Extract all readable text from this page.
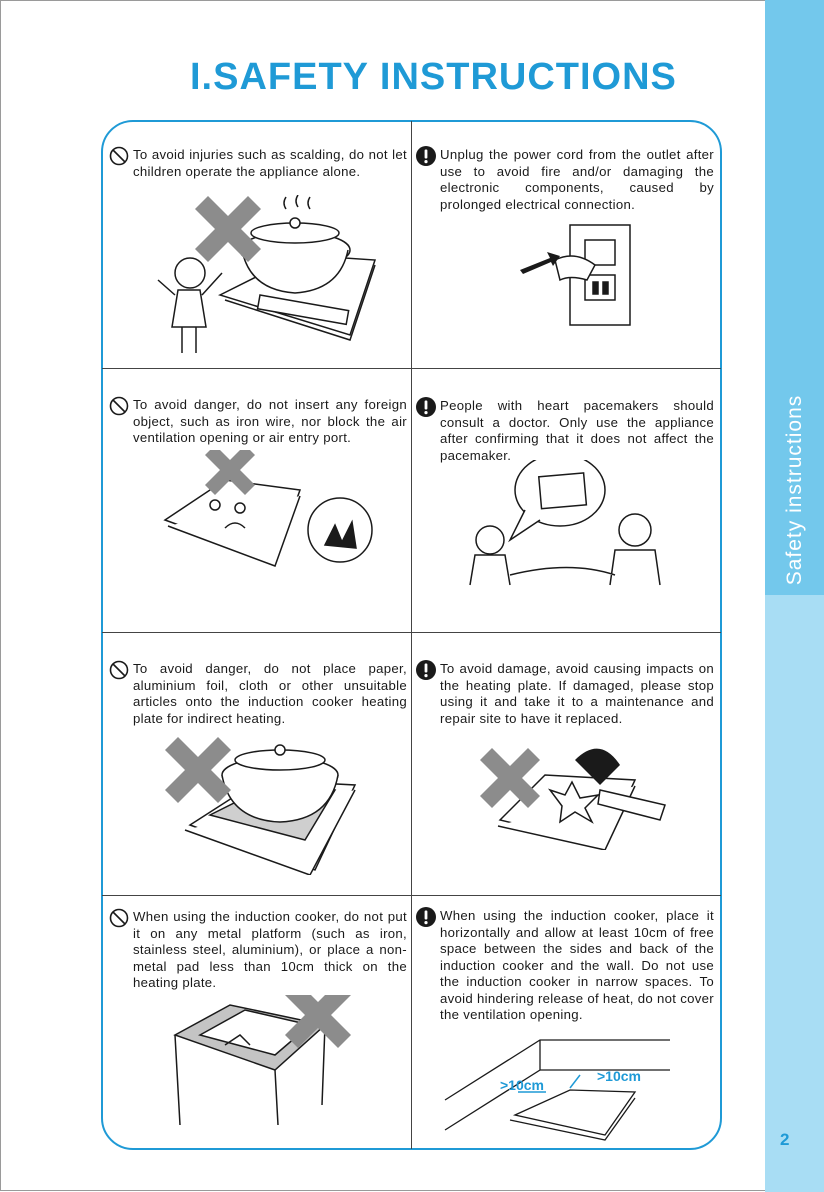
Safety instructions
2
I.SAFETY INSTRUCTIONS
To avoid injuries such as scalding, do not let children operate the appliance alone.
Unplug the power cord from the outlet after use to avoid fire and/or damaging the electronic components, caused by prolonged electrical connection.
To avoid danger, do not insert any foreign object, such as iron wire, nor block the air ventilation opening or air entry port.
People with heart pacemakers should consult a doctor. Only use the appliance after confirming that it does not affect the pacemaker.
To avoid danger, do not place paper, aluminium foil, cloth or other unsuitable articles onto the induction cooker heating plate for indirect heating.
To avoid damage, avoid causing impacts on the heating plate. If damaged, please stop using it and take it to a maintenance and repair site to have it replaced.
When using the induction cooker, do not put it on any metal platform (such as iron, stainless steel, aluminium), or place a non-metal pad less than 10cm thick on the heating plate.
When using the induction cooker, place it horizontally and allow at least 10cm of free space between the sides and back of the induction cooker and the wall. Do not use the induction cooker in narrow spaces. To avoid hindering release of heat, do not cover the ventilation opening.
>10cm
>10cm
